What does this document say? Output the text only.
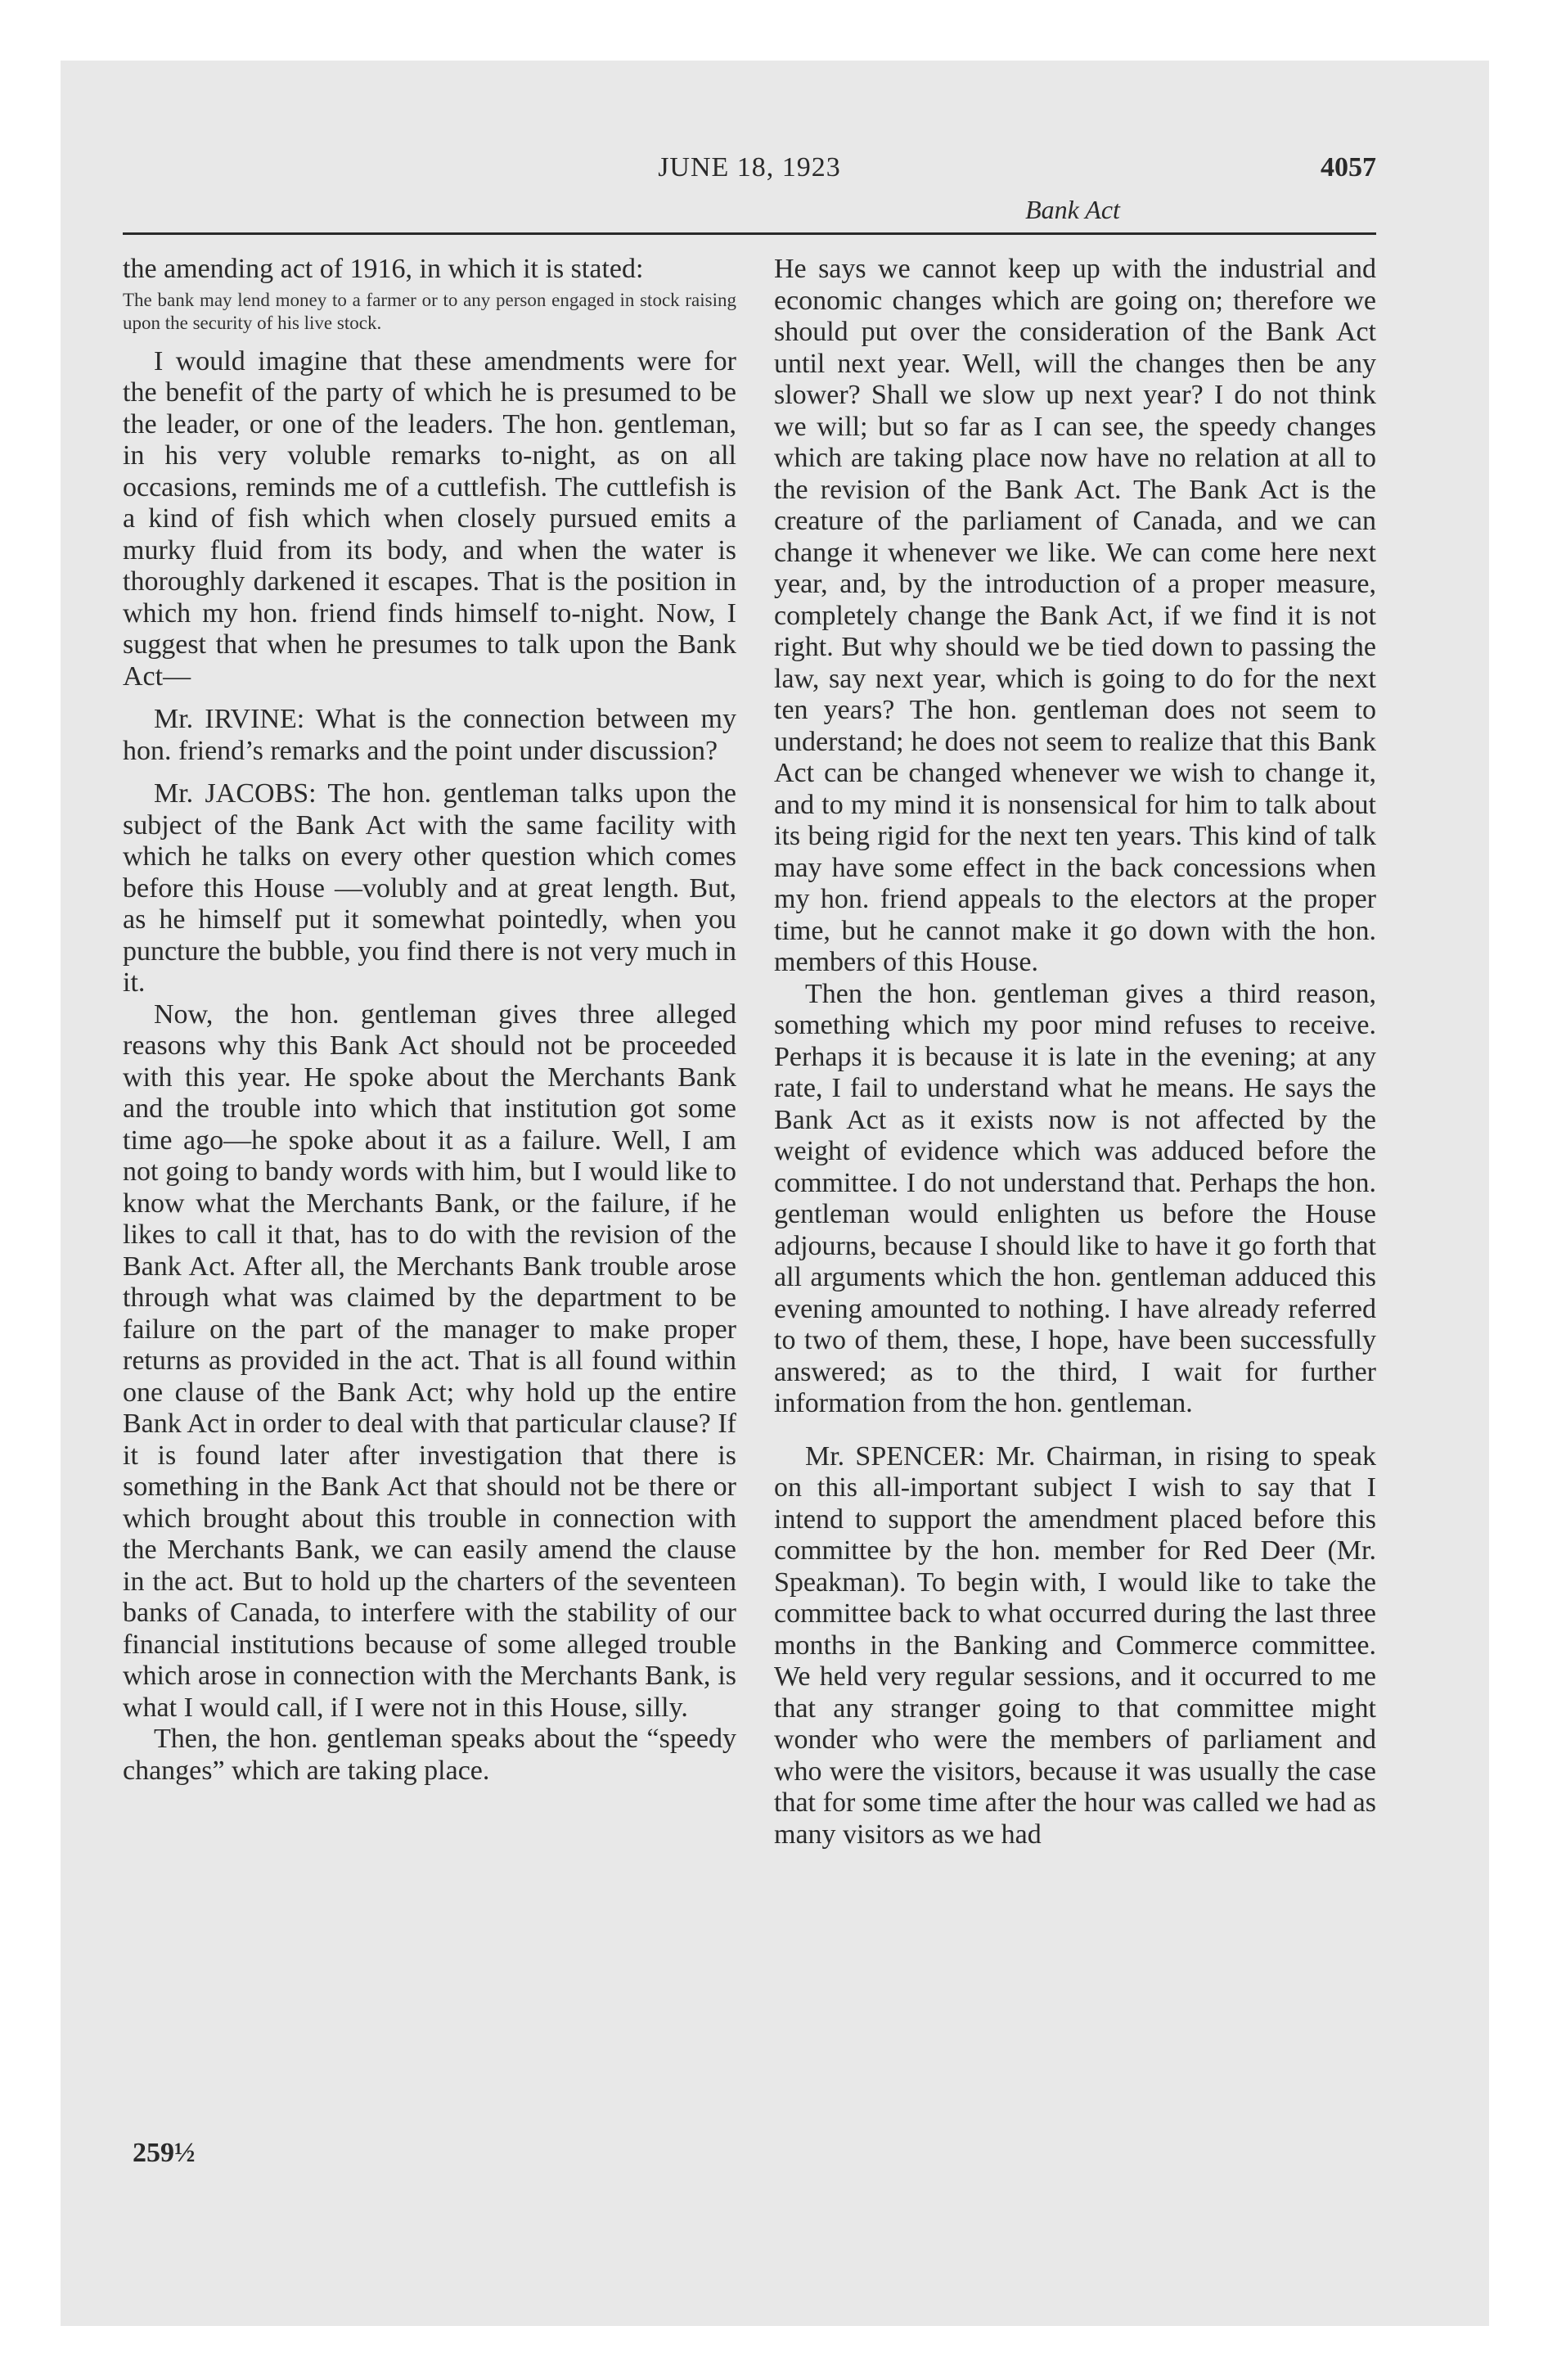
JUNE 18, 1923	4057
Bank Act

the amending act of 1916, in which it is stated:

The bank may lend money to a farmer or to any person engaged in stock raising upon the security of his live stock.

I would imagine that these amendments were for the benefit of the party of which he is presumed to be the leader, or one of the leaders. The hon. gentleman, in his very voluble remarks to-night, as on all occasions, reminds me of a cuttlefish. The cuttlefish is a kind of fish which when closely pursued emits a murky fluid from its body, and when the water is thoroughly darkened it escapes. That is the position in which my hon. friend finds himself to-night. Now, I suggest that when he presumes to talk upon the Bank Act—

Mr. IRVINE: What is the connection between my hon. friend’s remarks and the point under discussion?

Mr. JACOBS: The hon. gentleman talks upon the subject of the Bank Act with the same facility with which he talks on every other question which comes before this House —volubly and at great length. But, as he himself put it somewhat pointedly, when you puncture the bubble, you find there is not very much in it.

Now, the hon. gentleman gives three alleged reasons why this Bank Act should not be proceeded with this year. He spoke about the Merchants Bank and the trouble into which that institution got some time ago—he spoke about it as a failure. Well, I am not going to bandy words with him, but I would like to know what the Merchants Bank, or the failure, if he likes to call it that, has to do with the revision of the Bank Act. After all, the Merchants Bank trouble arose through what was claimed by the department to be failure on the part of the manager to make proper returns as provided in the act. That is all found within one clause of the Bank Act; why hold up the entire Bank Act in order to deal with that particular clause? If it is found later after investigation that there is something in the Bank Act that should not be there or which brought about this trouble in connection with the Merchants Bank, we can easily amend the clause in the act. But to hold up the charters of the seventeen banks of Canada, to interfere with the stability of our financial institutions because of some alleged trouble which arose in connection with the Merchants Bank, is what I would call, if I were not in this House, silly.

Then, the hon. gentleman speaks about the “speedy changes” which are taking place.

He says we cannot keep up with the industrial and economic changes which are going on; therefore we should put over the consideration of the Bank Act until next year. Well, will the changes then be any slower? Shall we slow up next year? I do not think we will; but so far as I can see, the speedy changes which are taking place now have no relation at all to the revision of the Bank Act. The Bank Act is the creature of the parliament of Canada, and we can change it whenever we like. We can come here next year, and, by the introduction of a proper measure, completely change the Bank Act, if we find it is not right. But why should we be tied down to passing the law, say next year, which is going to do for the next ten years? The hon. gentleman does not seem to understand; he does not seem to realize that this Bank Act can be changed whenever we wish to change it, and to my mind it is nonsensical for him to talk about its being rigid for the next ten years. This kind of talk may have some effect in the back concessions when my hon. friend appeals to the electors at the proper time, but he cannot make it go down with the hon. members of this House.

Then the hon. gentleman gives a third reason, something which my poor mind refuses to receive. Perhaps it is because it is late in the evening; at any rate, I fail to understand what he means. He says the Bank Act as it exists now is not affected by the weight of evidence which was adduced before the committee. I do not understand that. Perhaps the hon. gentleman would enlighten us before the House adjourns, because I should like to have it go forth that all arguments which the hon. gentleman adduced this evening amounted to nothing. I have already referred to two of them, these, I hope, have been successfully answered; as to the third, I wait for further information from the hon. gentleman.

Mr. SPENCER: Mr. Chairman, in rising to speak on this all-important subject I wish to say that I intend to support the amendment placed before this committee by the hon. member for Red Deer (Mr. Speakman). To begin with, I would like to take the committee back to what occurred during the last three months in the Banking and Commerce committee. We held very regular sessions, and it occurred to me that any stranger going to that committee might wonder who were the members of parliament and who were the visitors, because it was usually the case that for some time after the hour was called we had as many visitors as we had

259½
